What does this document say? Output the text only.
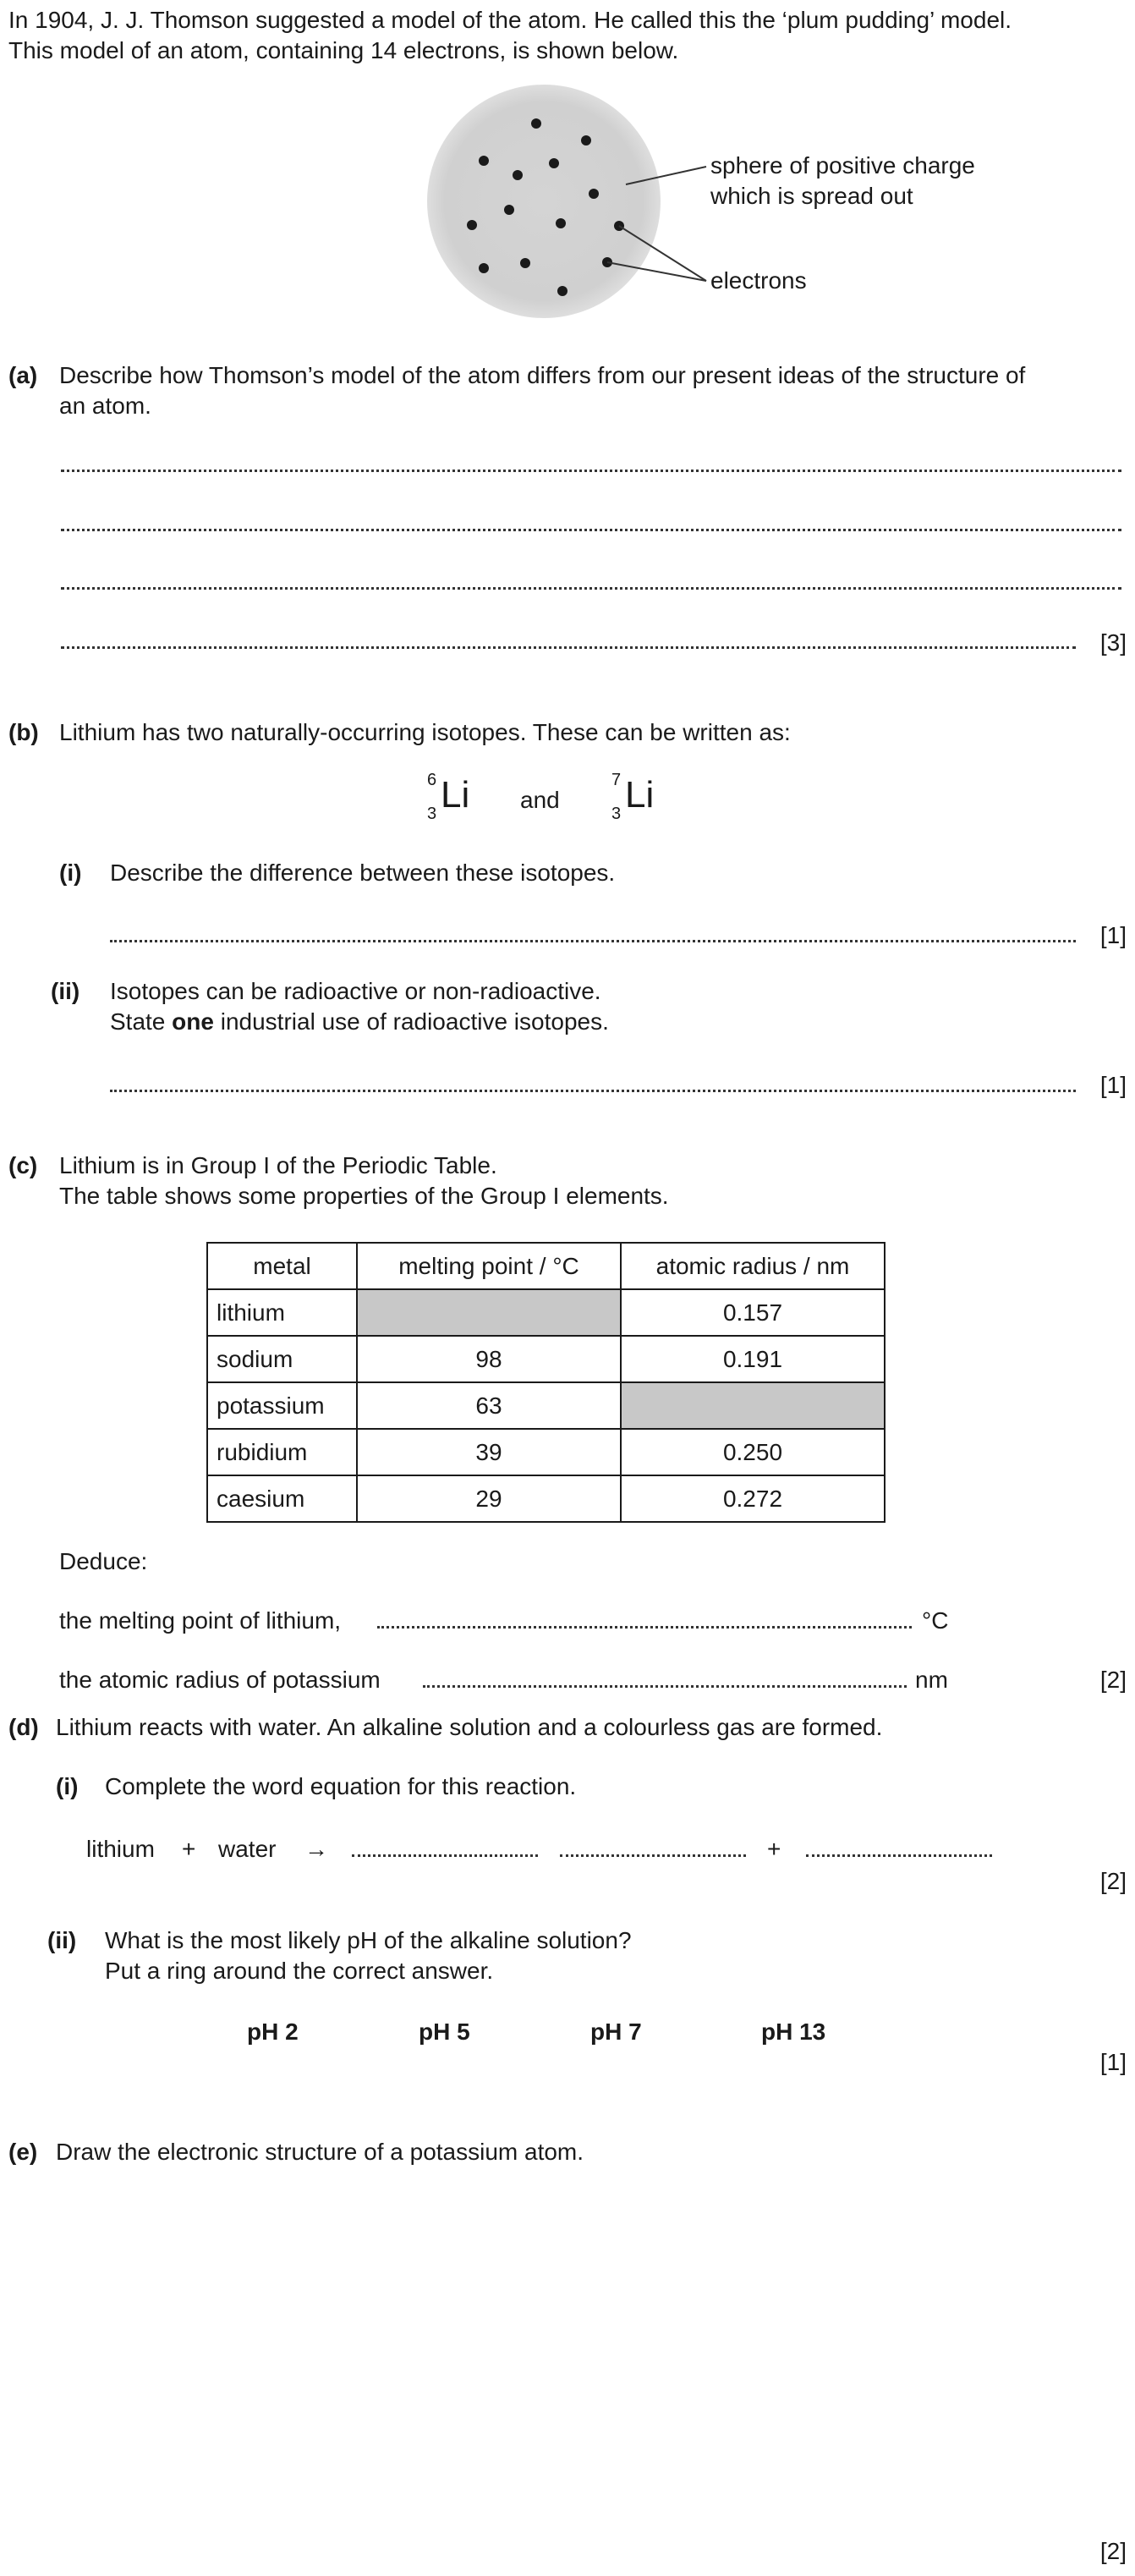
In 1904, J. J. Thomson suggested a model of the atom. He called this the ‘plum pudding’ model.
This model of an atom, containing 14 electrons, is shown below.
sphere of positive charge
which is spread out
electrons
(a) Describe how Thomson’s model of the atom differs from our present ideas of the structure of
an atom.
[3]
(b) Lithium has two naturally-occurring isotopes. These can be written as:
6
3 Li and
7
3 Li
(i) Describe the difference between these isotopes.
[1]
(ii) Isotopes can be radioactive or non-radioactive.
State one industrial use of radioactive isotopes.
[1]
(c) Lithium is in Group I of the Periodic Table.
The table shows some properties of the Group I elements.
metal	melting point / °C	atomic radius / nm
lithium		0.157
sodium	98	0.191
potassium	63	
rubidium	39	0.250
caesium	29	0.272
Deduce:
the melting point of lithium,	°C
the atomic radius of potassium	nm	[2]
(d) Lithium reacts with water. An alkaline solution and a colourless gas are formed.
(i) Complete the word equation for this reaction.
lithium + water →	+
[2]
(ii) What is the most likely pH of the alkaline solution?
Put a ring around the correct answer.
pH 2	pH 5	pH 7	pH 13
[1]
(e) Draw the electronic structure of a potassium atom.
[2]
